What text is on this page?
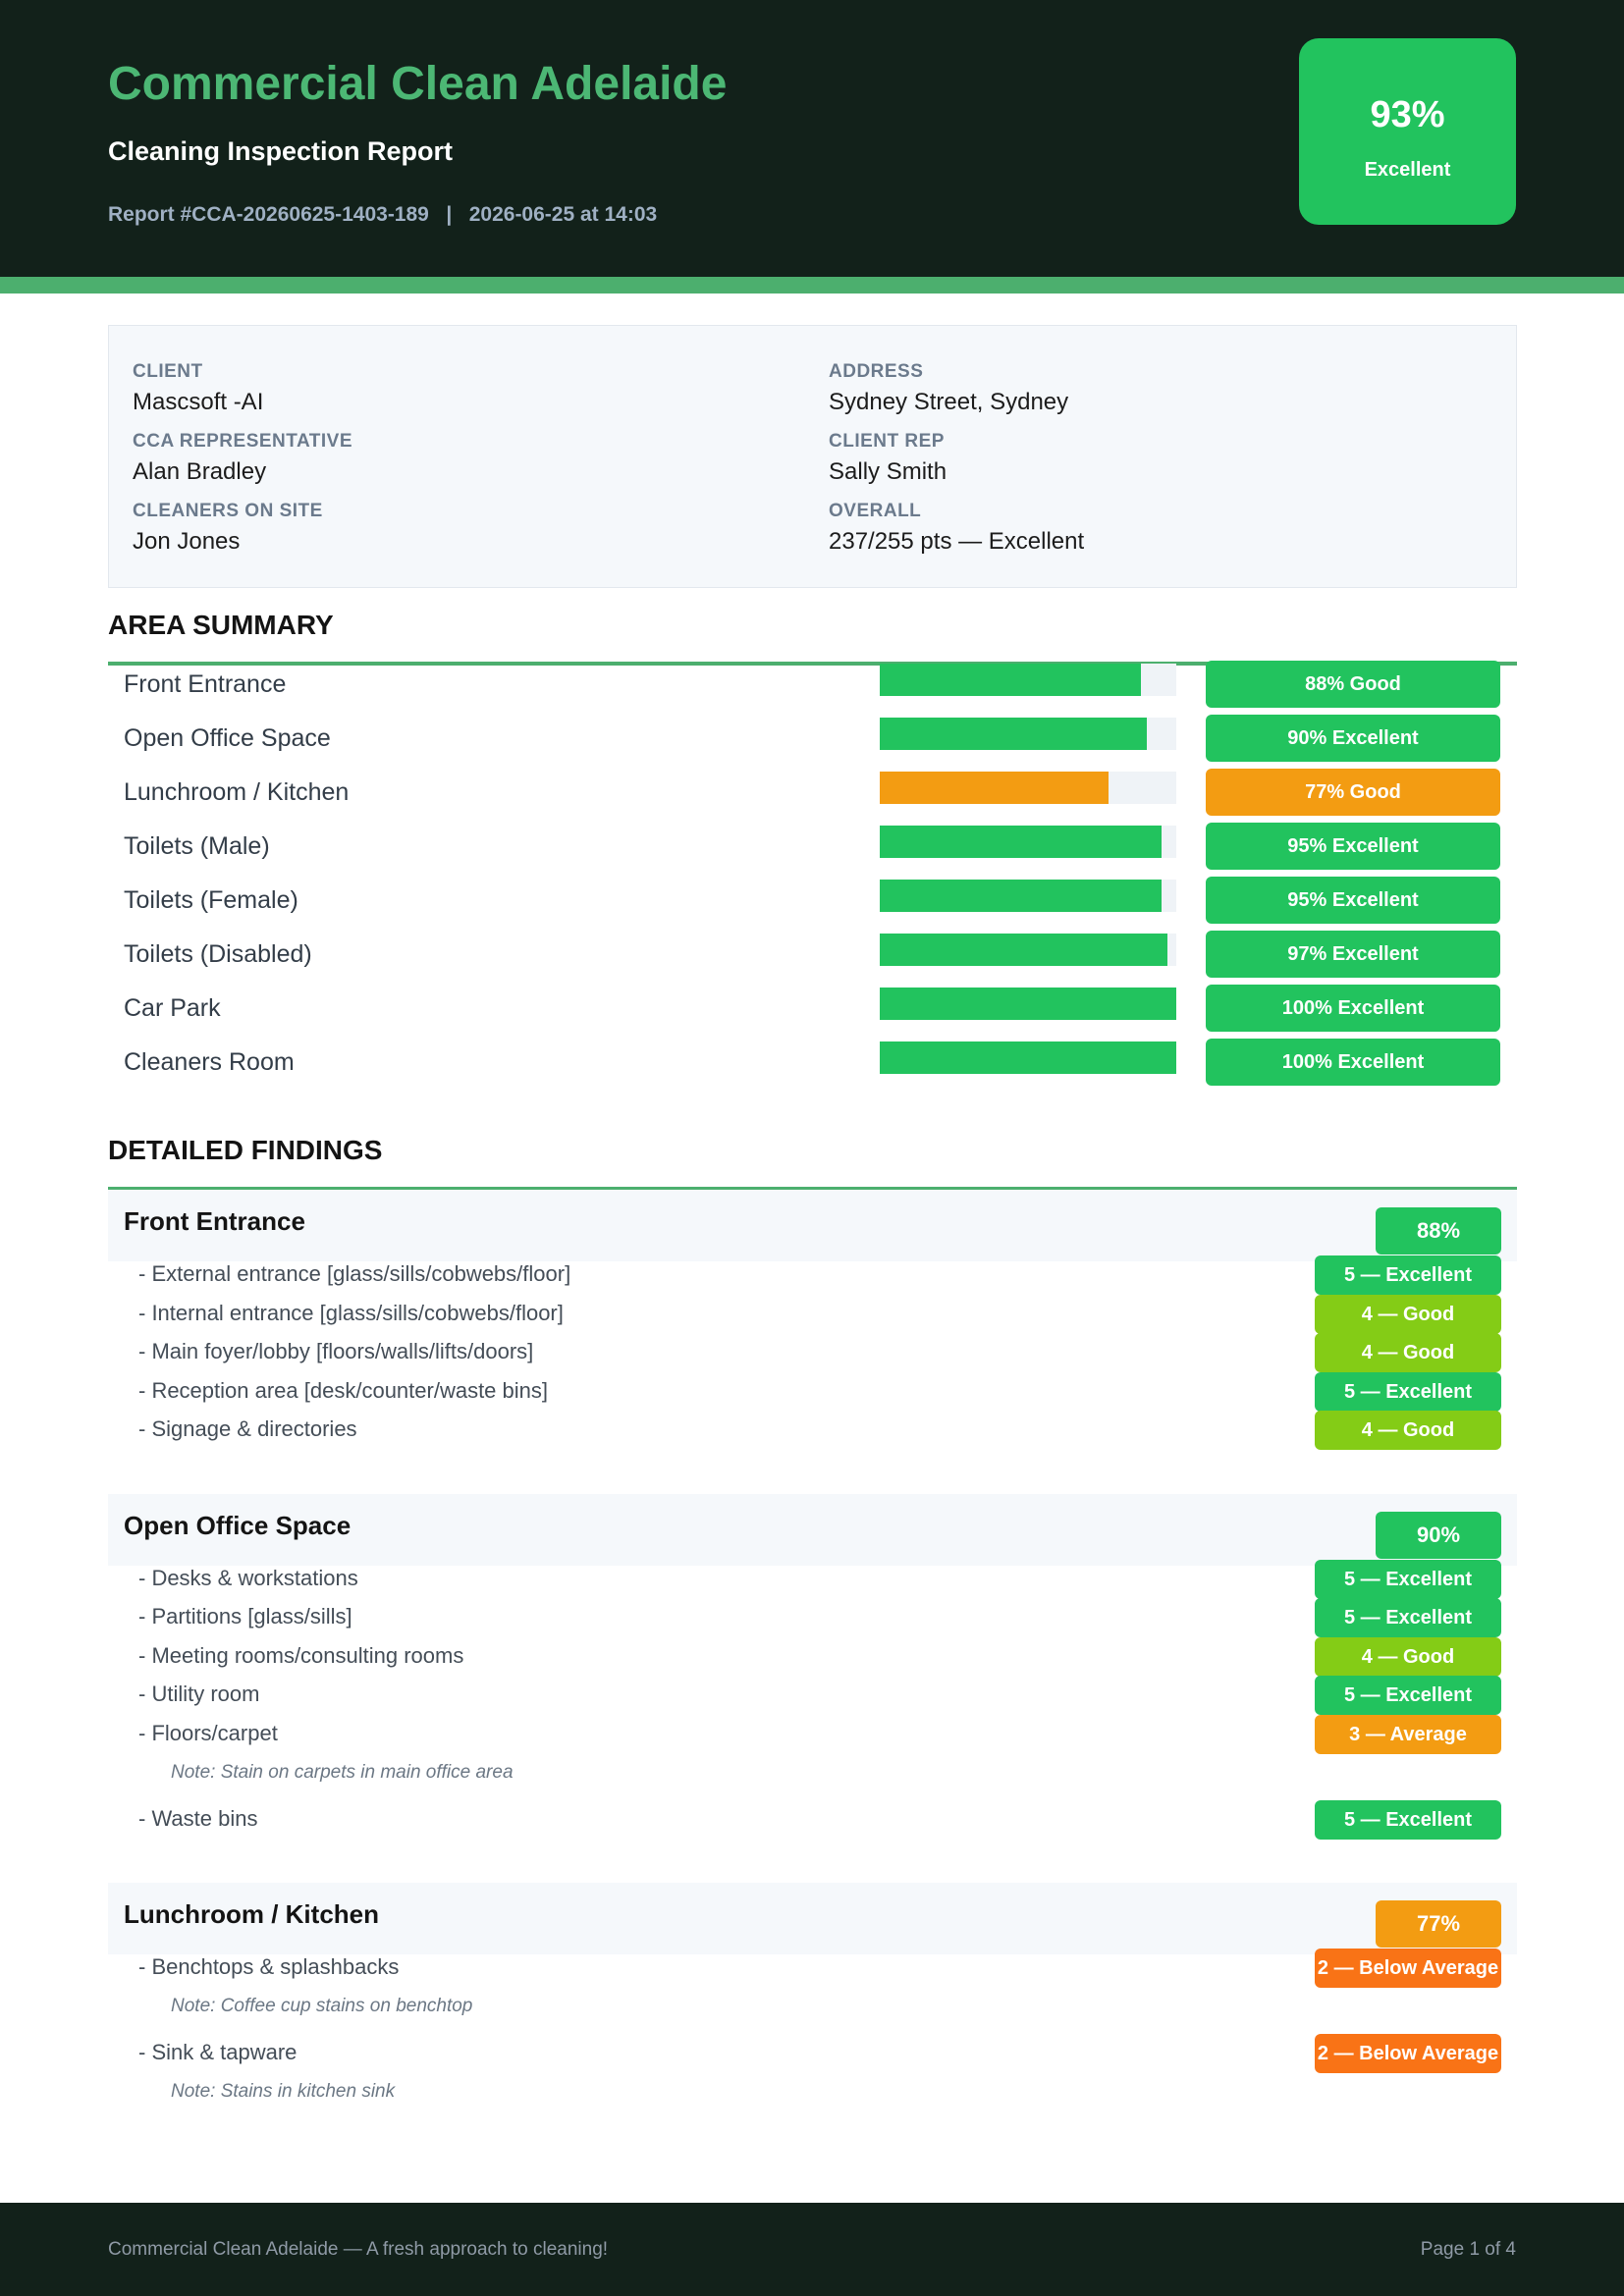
Commercial Clean Adelaide
Cleaning Inspection Report
Report #CCA-20260625-1403-189   |   2026-06-25 at 14:03
93%
Excellent
CLIENT
Mascsoft -AI
ADDRESS
Sydney Street, Sydney
CCA REPRESENTATIVE
Alan Bradley
CLIENT REP
Sally Smith
CLEANERS ON SITE
Jon Jones
OVERALL
237/255 pts — Excellent
AREA SUMMARY
Front Entrance	88% Good
Open Office Space	90% Excellent
Lunchroom / Kitchen	77% Good
Toilets (Male)	95% Excellent
Toilets (Female)	95% Excellent
Toilets (Disabled)	97% Excellent
Car Park	100% Excellent
Cleaners Room	100% Excellent
DETAILED FINDINGS
Front Entrance	88%
- External entrance [glass/sills/cobwebs/floor]	5 — Excellent
- Internal entrance [glass/sills/cobwebs/floor]	4 — Good
- Main foyer/lobby [floors/walls/lifts/doors]	4 — Good
- Reception area [desk/counter/waste bins]	5 — Excellent
- Signage & directories	4 — Good
Open Office Space	90%
- Desks & workstations	5 — Excellent
- Partitions [glass/sills]	5 — Excellent
- Meeting rooms/consulting rooms	4 — Good
- Utility room	5 — Excellent
- Floors/carpet	3 — Average
Note: Stain on carpets in main office area
- Waste bins	5 — Excellent
Lunchroom / Kitchen	77%
- Benchtops & splashbacks	2 — Below Average
Note: Coffee cup stains on benchtop
- Sink & tapware	2 — Below Average
Note: Stains in kitchen sink
Commercial Clean Adelaide — A fresh approach to cleaning!	Page 1 of 4
